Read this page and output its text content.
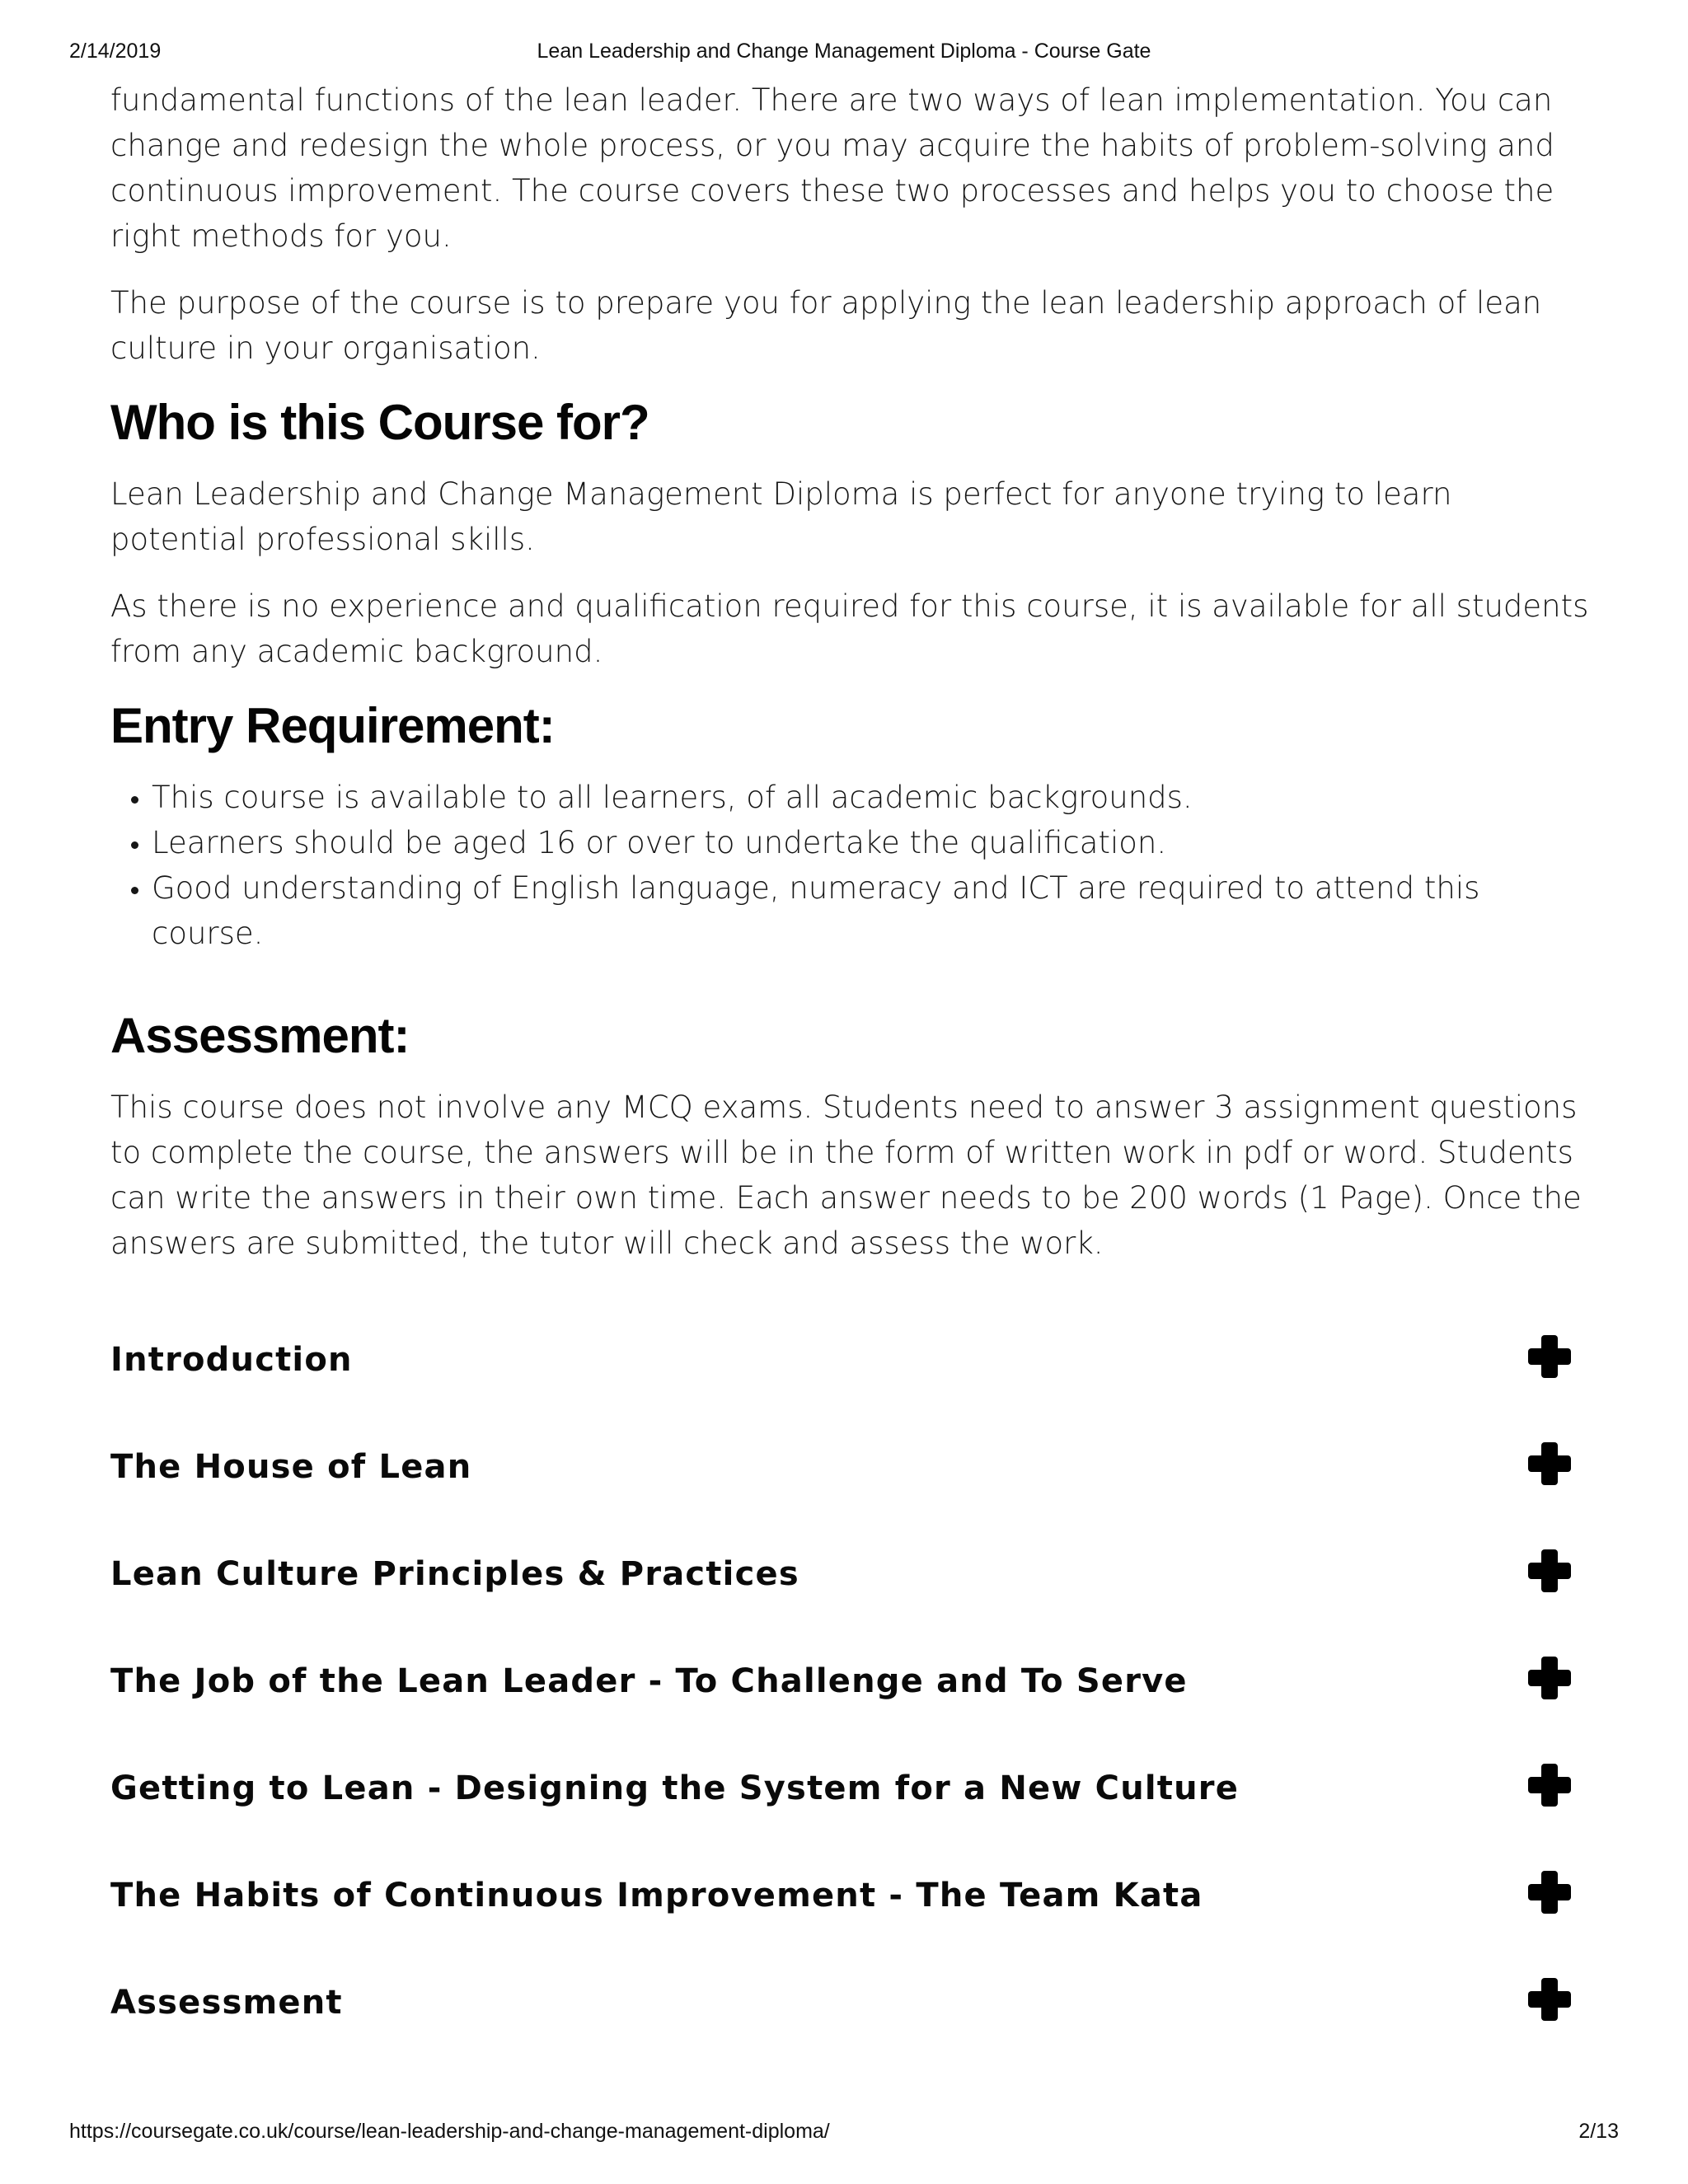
2/14/2019	Lean Leadership and Change Management Diploma - Course Gate

fundamental functions of the lean leader. There are two ways of lean implementation. You can change and redesign the whole process, or you may acquire the habits of problem-solving and continuous improvement. The course covers these two processes and helps you to choose the right methods for you.

The purpose of the course is to prepare you for applying the lean leadership approach of lean culture in your organisation.

Who is this Course for?

Lean Leadership and Change Management Diploma is perfect for anyone trying to learn potential professional skills.

As there is no experience and qualification required for this course, it is available for all students from any academic background.

Entry Requirement:
• This course is available to all learners, of all academic backgrounds.
• Learners should be aged 16 or over to undertake the qualification.
• Good understanding of English language, numeracy and ICT are required to attend this course.
Assessment:

This course does not involve any MCQ exams. Students need to answer 3 assignment questions to complete the course, the answers will be in the form of written work in pdf or word. Students can write the answers in their own time. Each answer needs to be 200 words (1 Page). Once the answers are submitted, the tutor will check and assess the work.

Introduction
The House of Lean
Lean Culture Principles & Practices
The Job of the Lean Leader - To Challenge and To Serve
Getting to Lean - Designing the System for a New Culture
The Habits of Continuous Improvement - The Team Kata
Assessment
https://coursegate.co.uk/course/lean-leadership-and-change-management-diploma/	2/13
